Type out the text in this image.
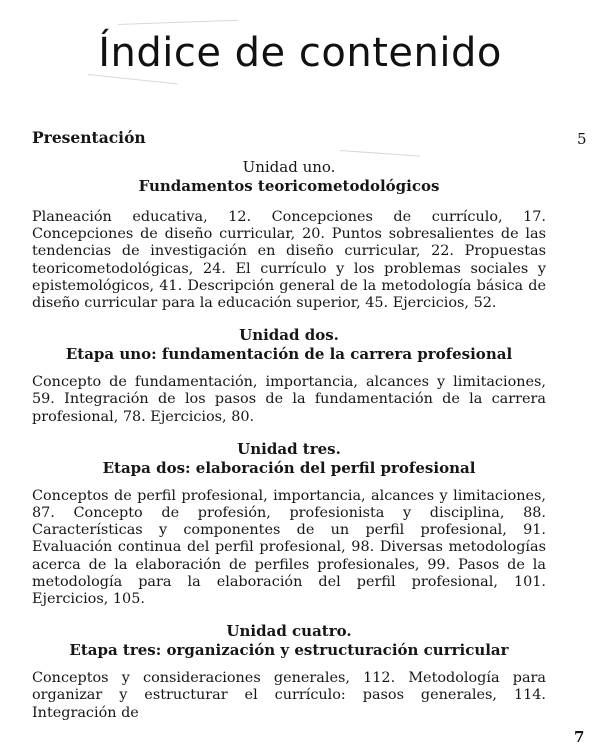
Índice de contenido
Presentación	5
Unidad uno.
Fundamentos teoricometodológicos

Planeación educativa, 12. Concepciones de currículo, 17. Concepciones de diseño curricular, 20. Puntos sobresalientes de las tendencias de investigación en diseño curricular, 22. Propuestas teoricometodológicas, 24. El currículo y los problemas sociales y epistemológicos, 41. Descripción general de la metodología básica de diseño curricular para la educación superior, 45. Ejercicios, 52.

Unidad dos.
Etapa uno: fundamentación de la carrera profesional

Concepto de fundamentación, importancia, alcances y limitaciones, 59. Integración de los pasos de la fundamentación de la carrera profesional, 78. Ejercicios, 80.

Unidad tres.
Etapa dos: elaboración del perfil profesional

Conceptos de perfil profesional, importancia, alcances y limitaciones, 87. Concepto de profesión, profesionista y disciplina, 88. Características y componentes de un perfil profesional, 91. Evaluación continua del perfil profesional, 98. Diversas metodologías acerca de la elaboración de perfiles profesionales, 99. Pasos de la metodología para la elaboración del perfil profesional, 101. Ejercicios, 105.

Unidad cuatro.
Etapa tres: organización y estructuración curricular

Conceptos y consideraciones generales, 112. Metodología para organizar y estructurar el currículo: pasos generales, 114. Integración de

7
